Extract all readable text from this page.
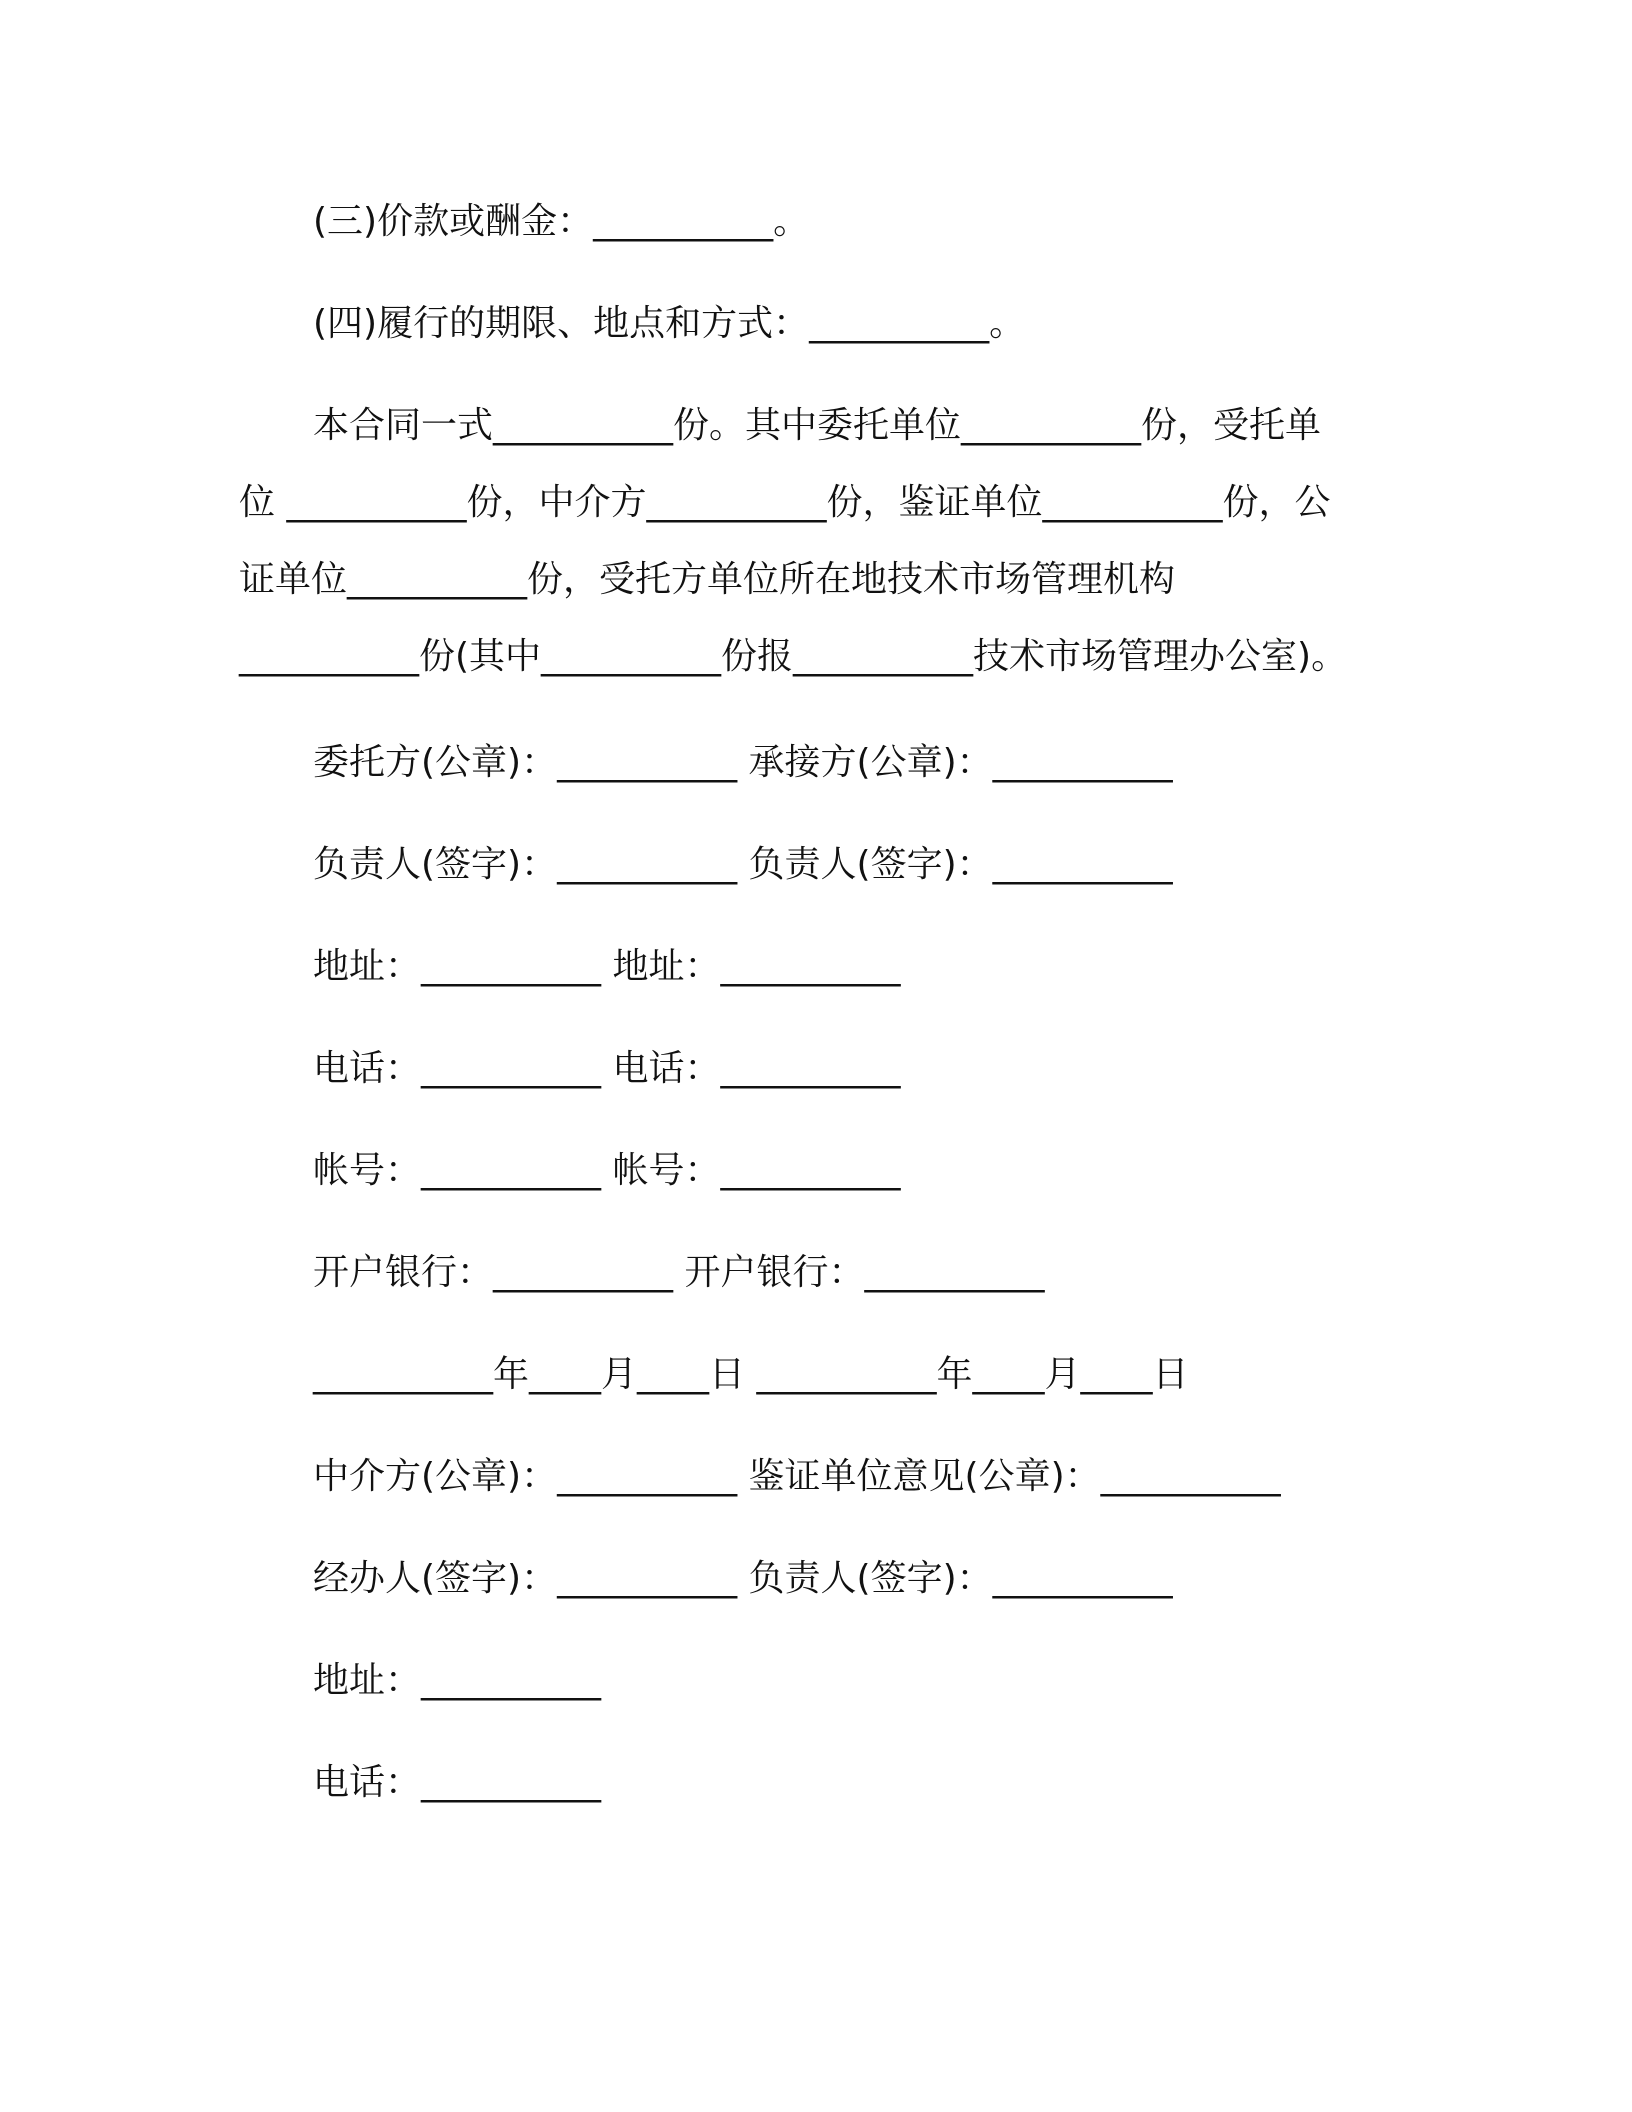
(三)价款或酬金：__________。
(四)履行的期限、地点和方式：__________。
本合同一式__________份。其中委托单位__________份，受托单
位 __________份，中介方__________份，鉴证单位__________份，公
证单位__________份，受托方单位所在地技术市场管理机构
__________份(其中__________份报__________技术市场管理办公室)。
委托方(公章)：__________ 承接方(公章)：__________
负责人(签字)：__________ 负责人(签字)：__________
地址：__________ 地址：__________
电话：__________ 电话：__________
帐号：__________ 帐号：__________
开户银行：__________ 开户银行：__________
__________年____月____日 __________年____月____日
中介方(公章)：__________ 鉴证单位意见(公章)：__________
经办人(签字)：__________ 负责人(签字)：__________
地址：__________
电话：__________
